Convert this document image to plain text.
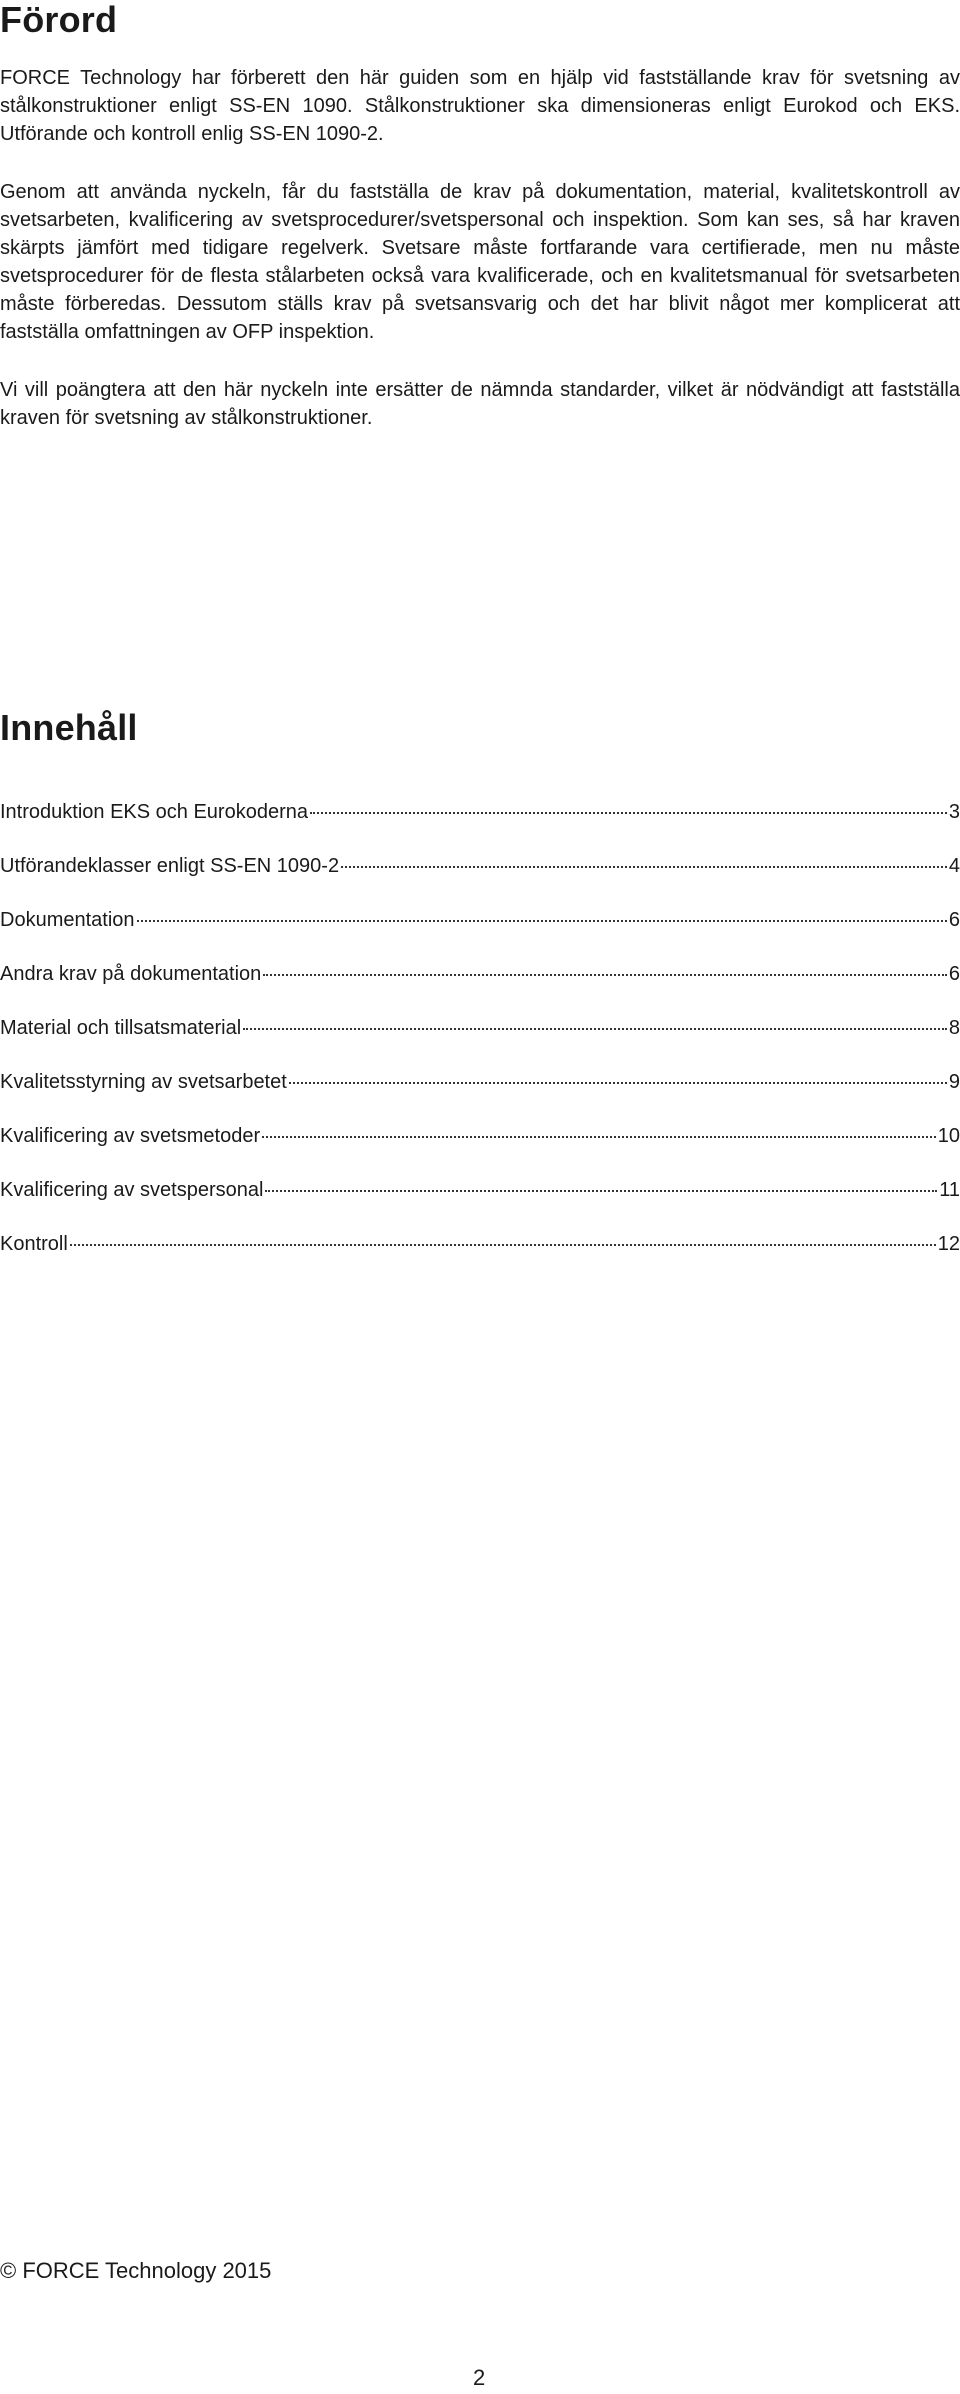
Förord

FORCE Technology har förberett den här guiden som en hjälp vid fastställande krav för svetsning av stålkonstruktioner enligt SS-EN 1090. Stålkonstruktioner ska dimensioneras enligt Eurokod och EKS. Utförande och kontroll enlig SS-EN 1090-2.

Genom att använda nyckeln, får du fastställa de krav på dokumentation, material, kvalitetskontroll av svetsarbeten, kvalificering av svetsprocedurer/svetspersonal och inspektion. Som kan ses, så har kraven skärpts jämfört med tidigare regelverk. Svetsare måste fortfarande vara certifierade, men nu måste svetsprocedurer för de flesta stålarbeten också vara kvalificerade, och en kvalitetsmanual för svetsarbeten måste förberedas. Dessutom ställs krav på svetsansvarig och det har blivit något mer komplicerat att fastställa omfattningen av OFP inspektion.

Vi vill poängtera att den här nyckeln inte ersätter de nämnda standarder, vilket är nödvändigt att fastställa kraven för svetsning av stålkonstruktioner.

Innehåll
Introduktion EKS och Eurokoderna	3
Utförandeklasser enligt SS-EN 1090-2	4
Dokumentation	6
Andra krav på dokumentation	6
Material och tillsatsmaterial	8
Kvalitetsstyrning av svetsarbetet	9
Kvalificering av svetsmetoder	10
Kvalificering av svetspersonal	11
Kontroll	12
© FORCE Technology 2015
2
